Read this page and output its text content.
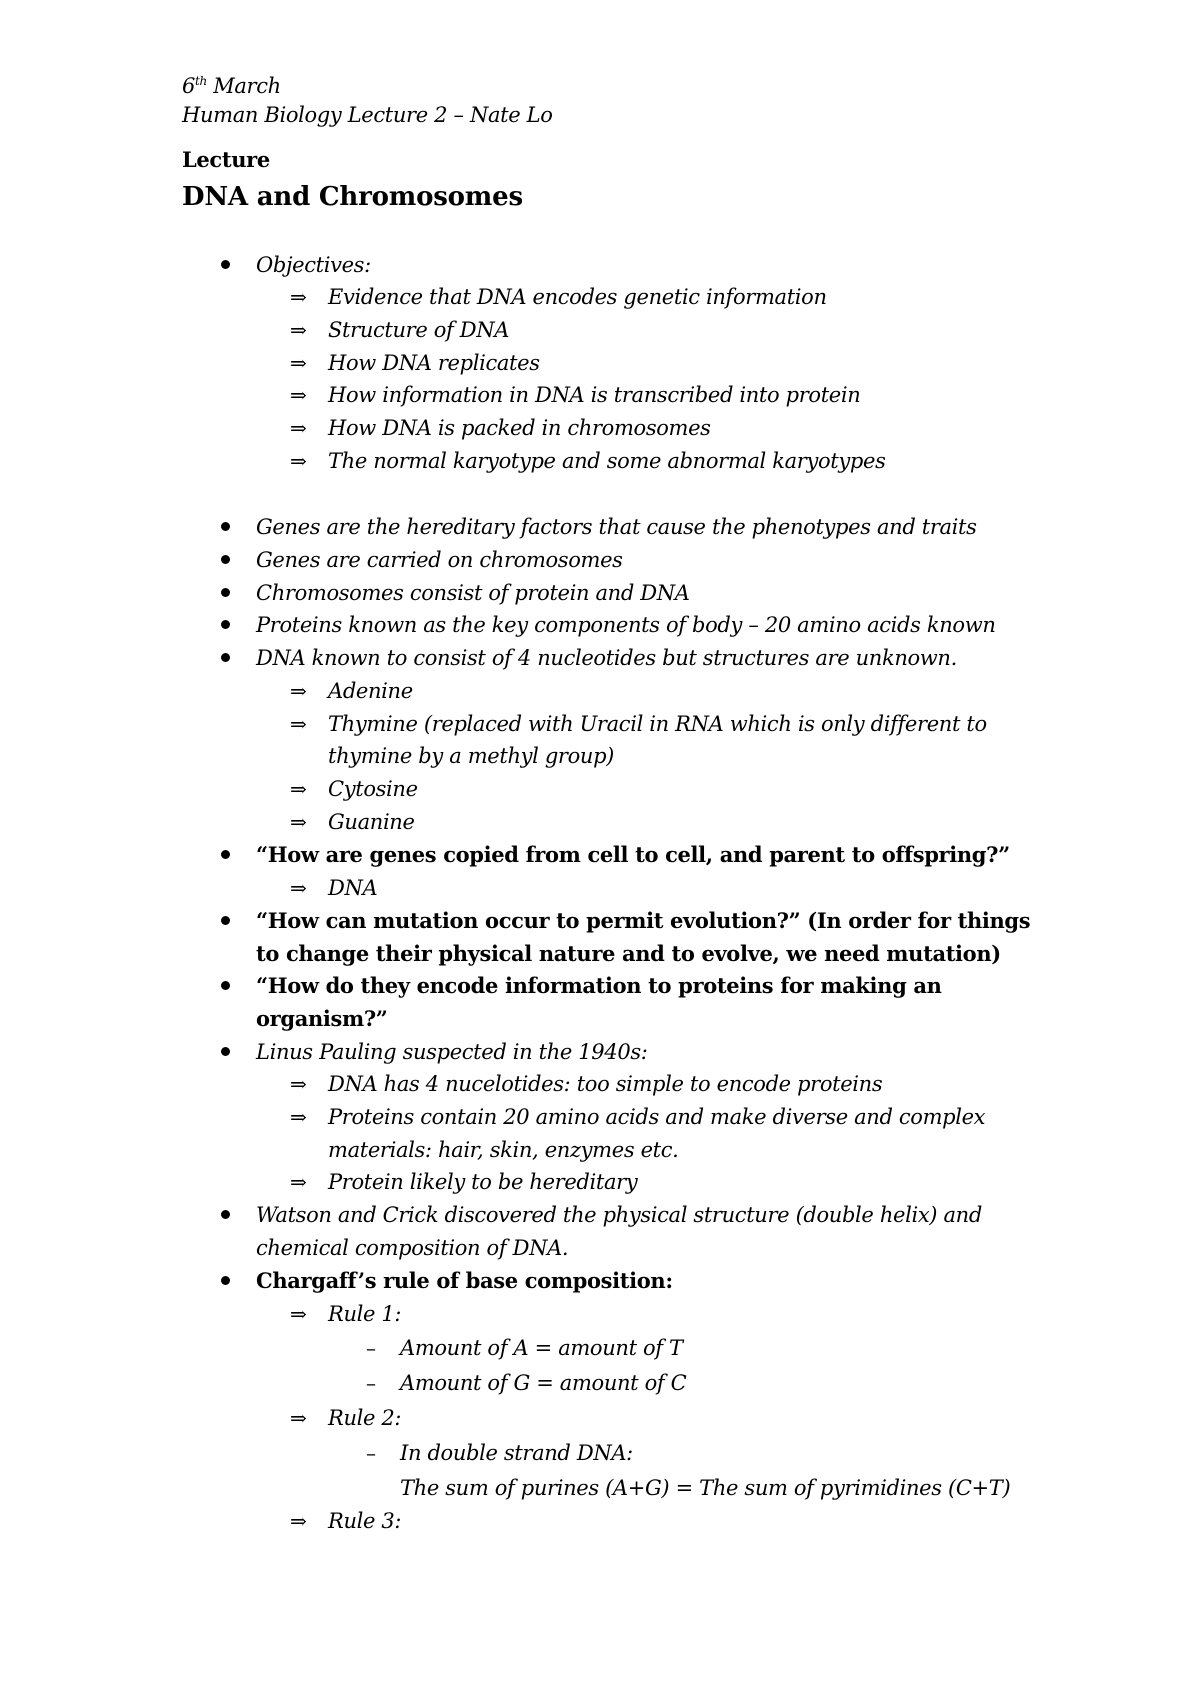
6th March
Human Biology Lecture 2 – Nate Lo
Lecture
DNA and Chromosomes
Objectives:
⇒ Evidence that DNA encodes genetic information
⇒ Structure of DNA
⇒ How DNA replicates
⇒ How information in DNA is transcribed into protein
⇒ How DNA is packed in chromosomes
⇒ The normal karyotype and some abnormal karyotypes
Genes are the hereditary factors that cause the phenotypes and traits
Genes are carried on chromosomes
Chromosomes consist of protein and DNA
Proteins known as the key components of body – 20 amino acids known
DNA known to consist of 4 nucleotides but structures are unknown.
⇒ Adenine
⇒ Thymine (replaced with Uracil in RNA which is only different to
thymine by a methyl group)
⇒ Cytosine
⇒ Guanine
“How are genes copied from cell to cell, and parent to offspring?”
⇒ DNA
“How can mutation occur to permit evolution?” (In order for things
to change their physical nature and to evolve, we need mutation)
“How do they encode information to proteins for making an
organism?”
Linus Pauling suspected in the 1940s:
⇒ DNA has 4 nucelotides: too simple to encode proteins
⇒ Proteins contain 20 amino acids and make diverse and complex
materials: hair, skin, enzymes etc.
⇒ Protein likely to be hereditary
Watson and Crick discovered the physical structure (double helix) and
chemical composition of DNA.
Chargaff’s rule of base composition:
⇒ Rule 1:
– Amount of A = amount of T
– Amount of G = amount of C
⇒ Rule 2:
– In double strand DNA:
The sum of purines (A+G) = The sum of pyrimidines (C+T)
⇒ Rule 3:
